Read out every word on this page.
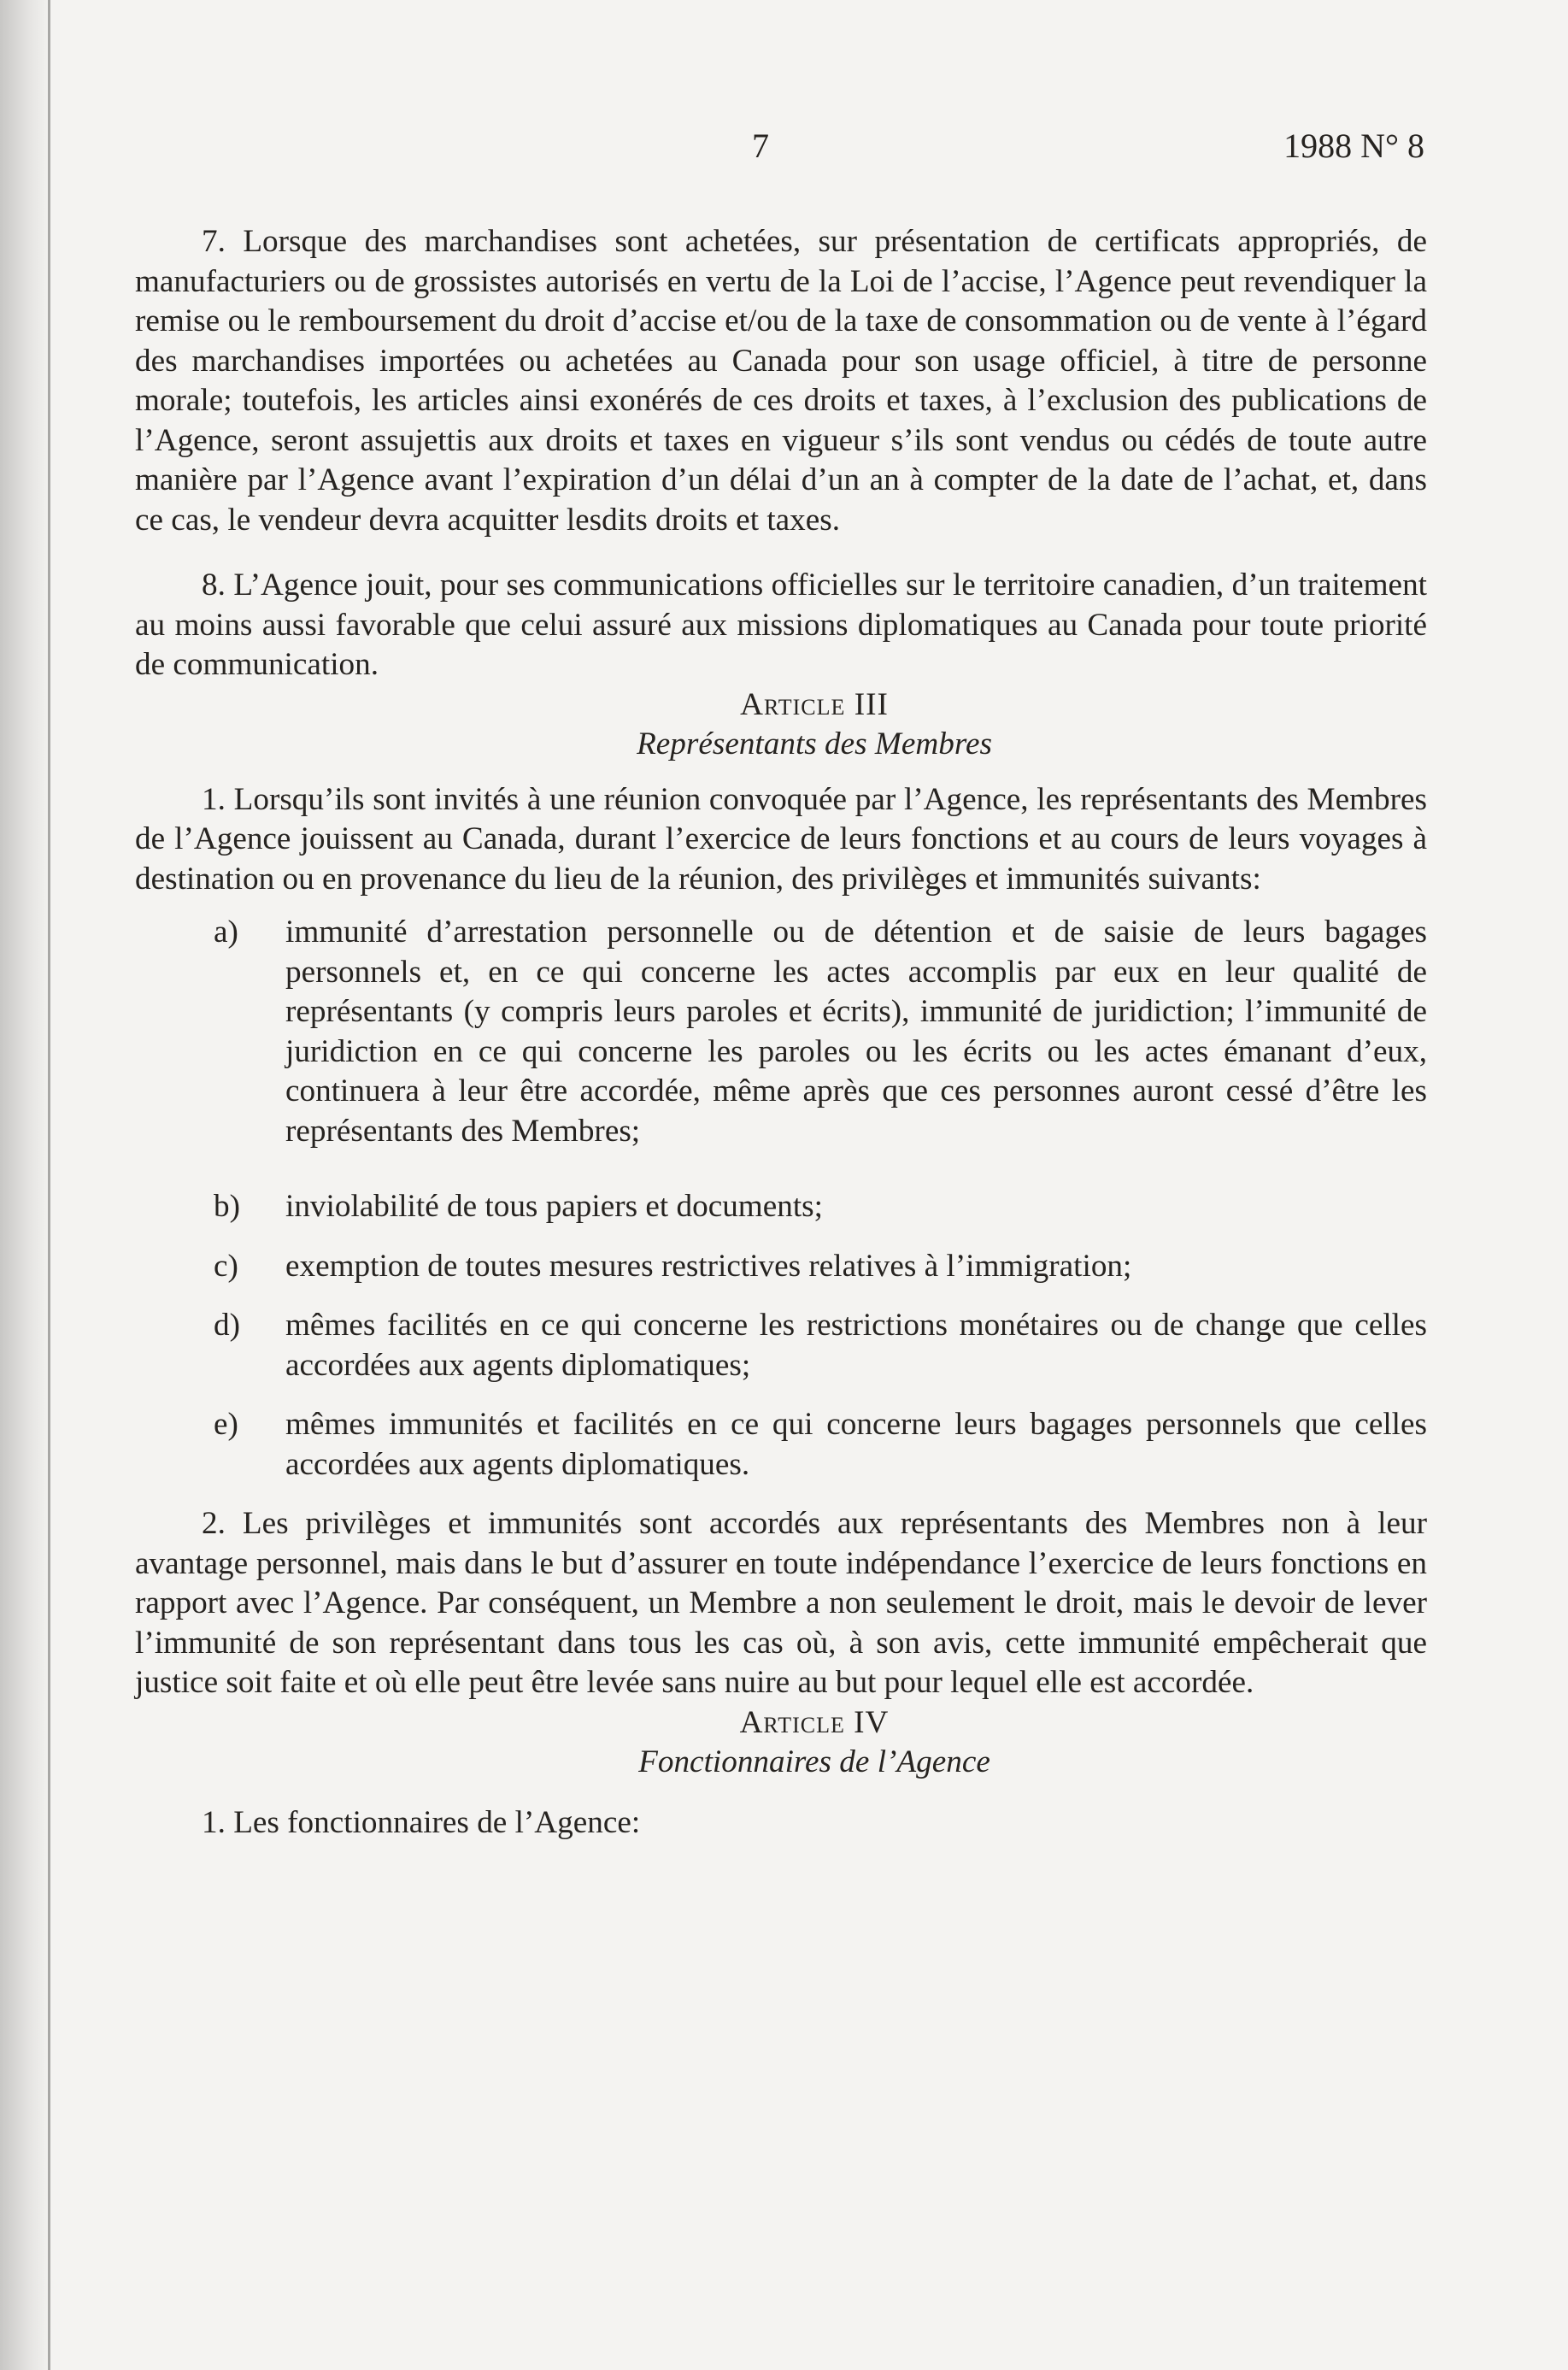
7	1988 N° 8

7. Lorsque des marchandises sont achetées, sur présentation de certificats appropriés, de manufacturiers ou de grossistes autorisés en vertu de la Loi de l’accise, l’Agence peut revendiquer la remise ou le remboursement du droit d’accise et/ou de la taxe de consommation ou de vente à l’égard des marchandises importées ou achetées au Canada pour son usage officiel, à titre de personne morale; toutefois, les articles ainsi exonérés de ces droits et taxes, à l’exclusion des publications de l’Agence, seront assujettis aux droits et taxes en vigueur s’ils sont vendus ou cédés de toute autre manière par l’Agence avant l’expiration d’un délai d’un an à compter de la date de l’achat, et, dans ce cas, le vendeur devra acquitter lesdits droits et taxes.

8. L’Agence jouit, pour ses communications officielles sur le territoire canadien, d’un traitement au moins aussi favorable que celui assuré aux missions diplomatiques au Canada pour toute priorité de communication.

Article III

Représentants des Membres

1. Lorsqu’ils sont invités à une réunion convoquée par l’Agence, les représentants des Membres de l’Agence jouissent au Canada, durant l’exercice de leurs fonctions et au cours de leurs voyages à destination ou en provenance du lieu de la réunion, des privilèges et immunités suivants:

a)	immunité d’arrestation personnelle ou de détention et de saisie de leurs bagages personnels et, en ce qui concerne les actes accomplis par eux en leur qualité de représentants (y compris leurs paroles et écrits), immunité de juridiction; l’immunité de juridiction en ce qui concerne les paroles ou les écrits ou les actes émanant d’eux, continuera à leur être accordée, même après que ces personnes auront cessé d’être les représentants des Membres;
b)	inviolabilité de tous papiers et documents;
c)	exemption de toutes mesures restrictives relatives à l’immigration;
d)	mêmes facilités en ce qui concerne les restrictions monétaires ou de change que celles accordées aux agents diplomatiques;
e)	mêmes immunités et facilités en ce qui concerne leurs bagages personnels que celles accordées aux agents diplomatiques.

2. Les privilèges et immunités sont accordés aux représentants des Membres non à leur avantage personnel, mais dans le but d’assurer en toute indépendance l’exercice de leurs fonctions en rapport avec l’Agence. Par conséquent, un Membre a non seulement le droit, mais le devoir de lever l’immunité de son représentant dans tous les cas où, à son avis, cette immunité empêcherait que justice soit faite et où elle peut être levée sans nuire au but pour lequel elle est accordée.

Article IV

Fonctionnaires de l’Agence

1. Les fonctionnaires de l’Agence:
